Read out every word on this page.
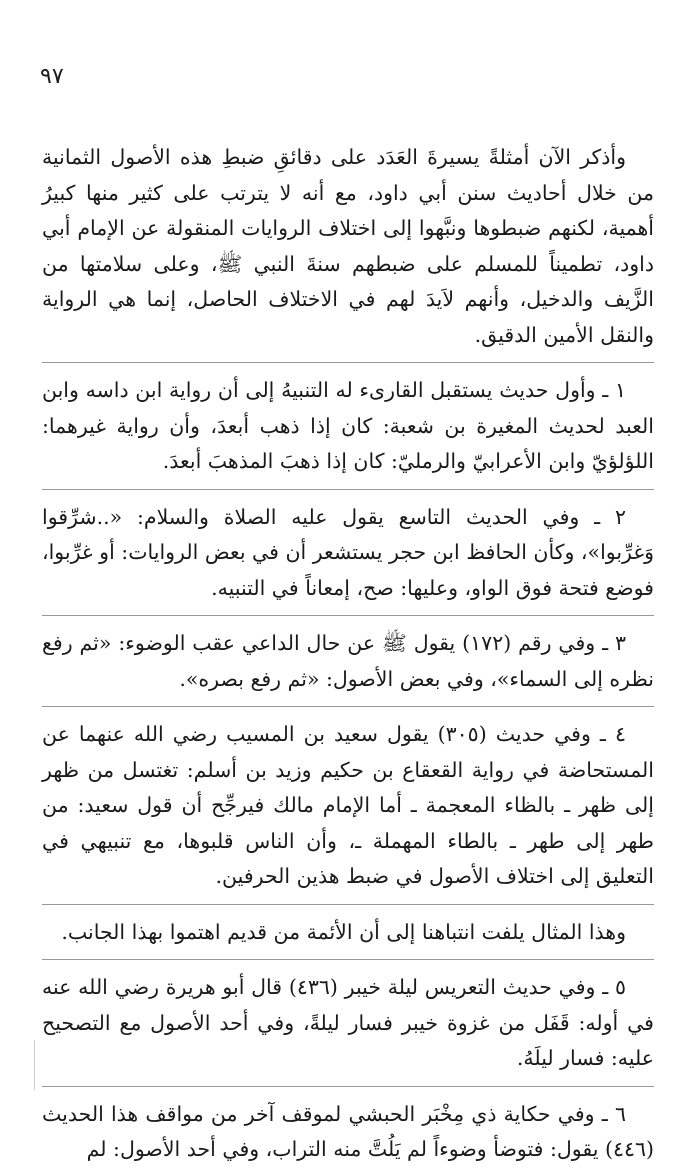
٩٧

وأذكر الآن أمثلةً يسيرةَ العَدَد على دقائقِ ضبطِ هذه الأصول الثمانية من خلال أحاديث سنن أبي داود، مع أنه لا يترتب على كثير منها كبيرُ أهمية، لكنهم ضبطوها ونبَّهوا إلى اختلاف الروايات المنقولة عن الإمام أبي داود، تطميناً للمسلم على ضبطهم سنةَ النبي ﷺ، وعلى سلامتها من الزَّيف والدخيل، وأنهم لاَيدَ لهم في الاختلاف الحاصل، إنما هي الرواية والنقل الأمين الدقيق.

١ ـ وأول حديث يستقبل القارىء له التنبيهُ إلى أن رواية ابن داسه وابن العبد لحديث المغيرة بن شعبة: كان إذا ذهب أبعدَ، وأن رواية غيرهما: اللؤلؤيّ وابن الأعرابيّ والرمليّ: كان إذا ذهبَ المذهبَ أبعدَ.

٢ ـ وفي الحديث التاسع يقول عليه الصلاة والسلام: «..شرِّقوا وَغرِّبوا»، وكأن الحافظ ابن حجر يستشعر أن في بعض الروايات: أو غرِّبوا، فوضع فتحة فوق الواو، وعليها: صح، إمعاناً في التنبيه.

٣ ـ وفي رقم (١٧٢) يقول ﷺ عن حال الداعي عقب الوضوء: «ثم رفع نظره إلى السماء»، وفي بعض الأصول: «ثم رفع بصره».

٤ ـ وفي حديث (٣٠٥) يقول سعيد بن المسيب رضي الله عنهما عن المستحاضة في رواية القعقاع بن حكيم وزيد بن أسلم: تغتسل من ظهر إلى ظهر ـ بالظاء المعجمة ـ أما الإمام مالك فيرجِّح أن قول سعيد: من طهر إلى طهر ـ بالطاء المهملة ـ، وأن الناس قلبوها، مع تنبيهي في التعليق إلى اختلاف الأصول في ضبط هذين الحرفين.

وهذا المثال يلفت انتباهنا إلى أن الأئمة من قديم اهتموا بهذا الجانب.

٥ ـ وفي حديث التعريس ليلة خيبر (٤٣٦) قال أبو هريرة رضي الله عنه في أوله: قَفَل من غزوة خيبر فسار ليلةً، وفي أحد الأصول مع التصحيح عليه: فسار ليلَهُ.

٦ ـ وفي حكاية ذي مِخْبَر الحبشي لموقف آخر من مواقف هذا الحديث (٤٤٦) يقول: فتوضأ وضوءاً لم يَلُتَّ منه التراب، وفي أحد الأصول: لم
